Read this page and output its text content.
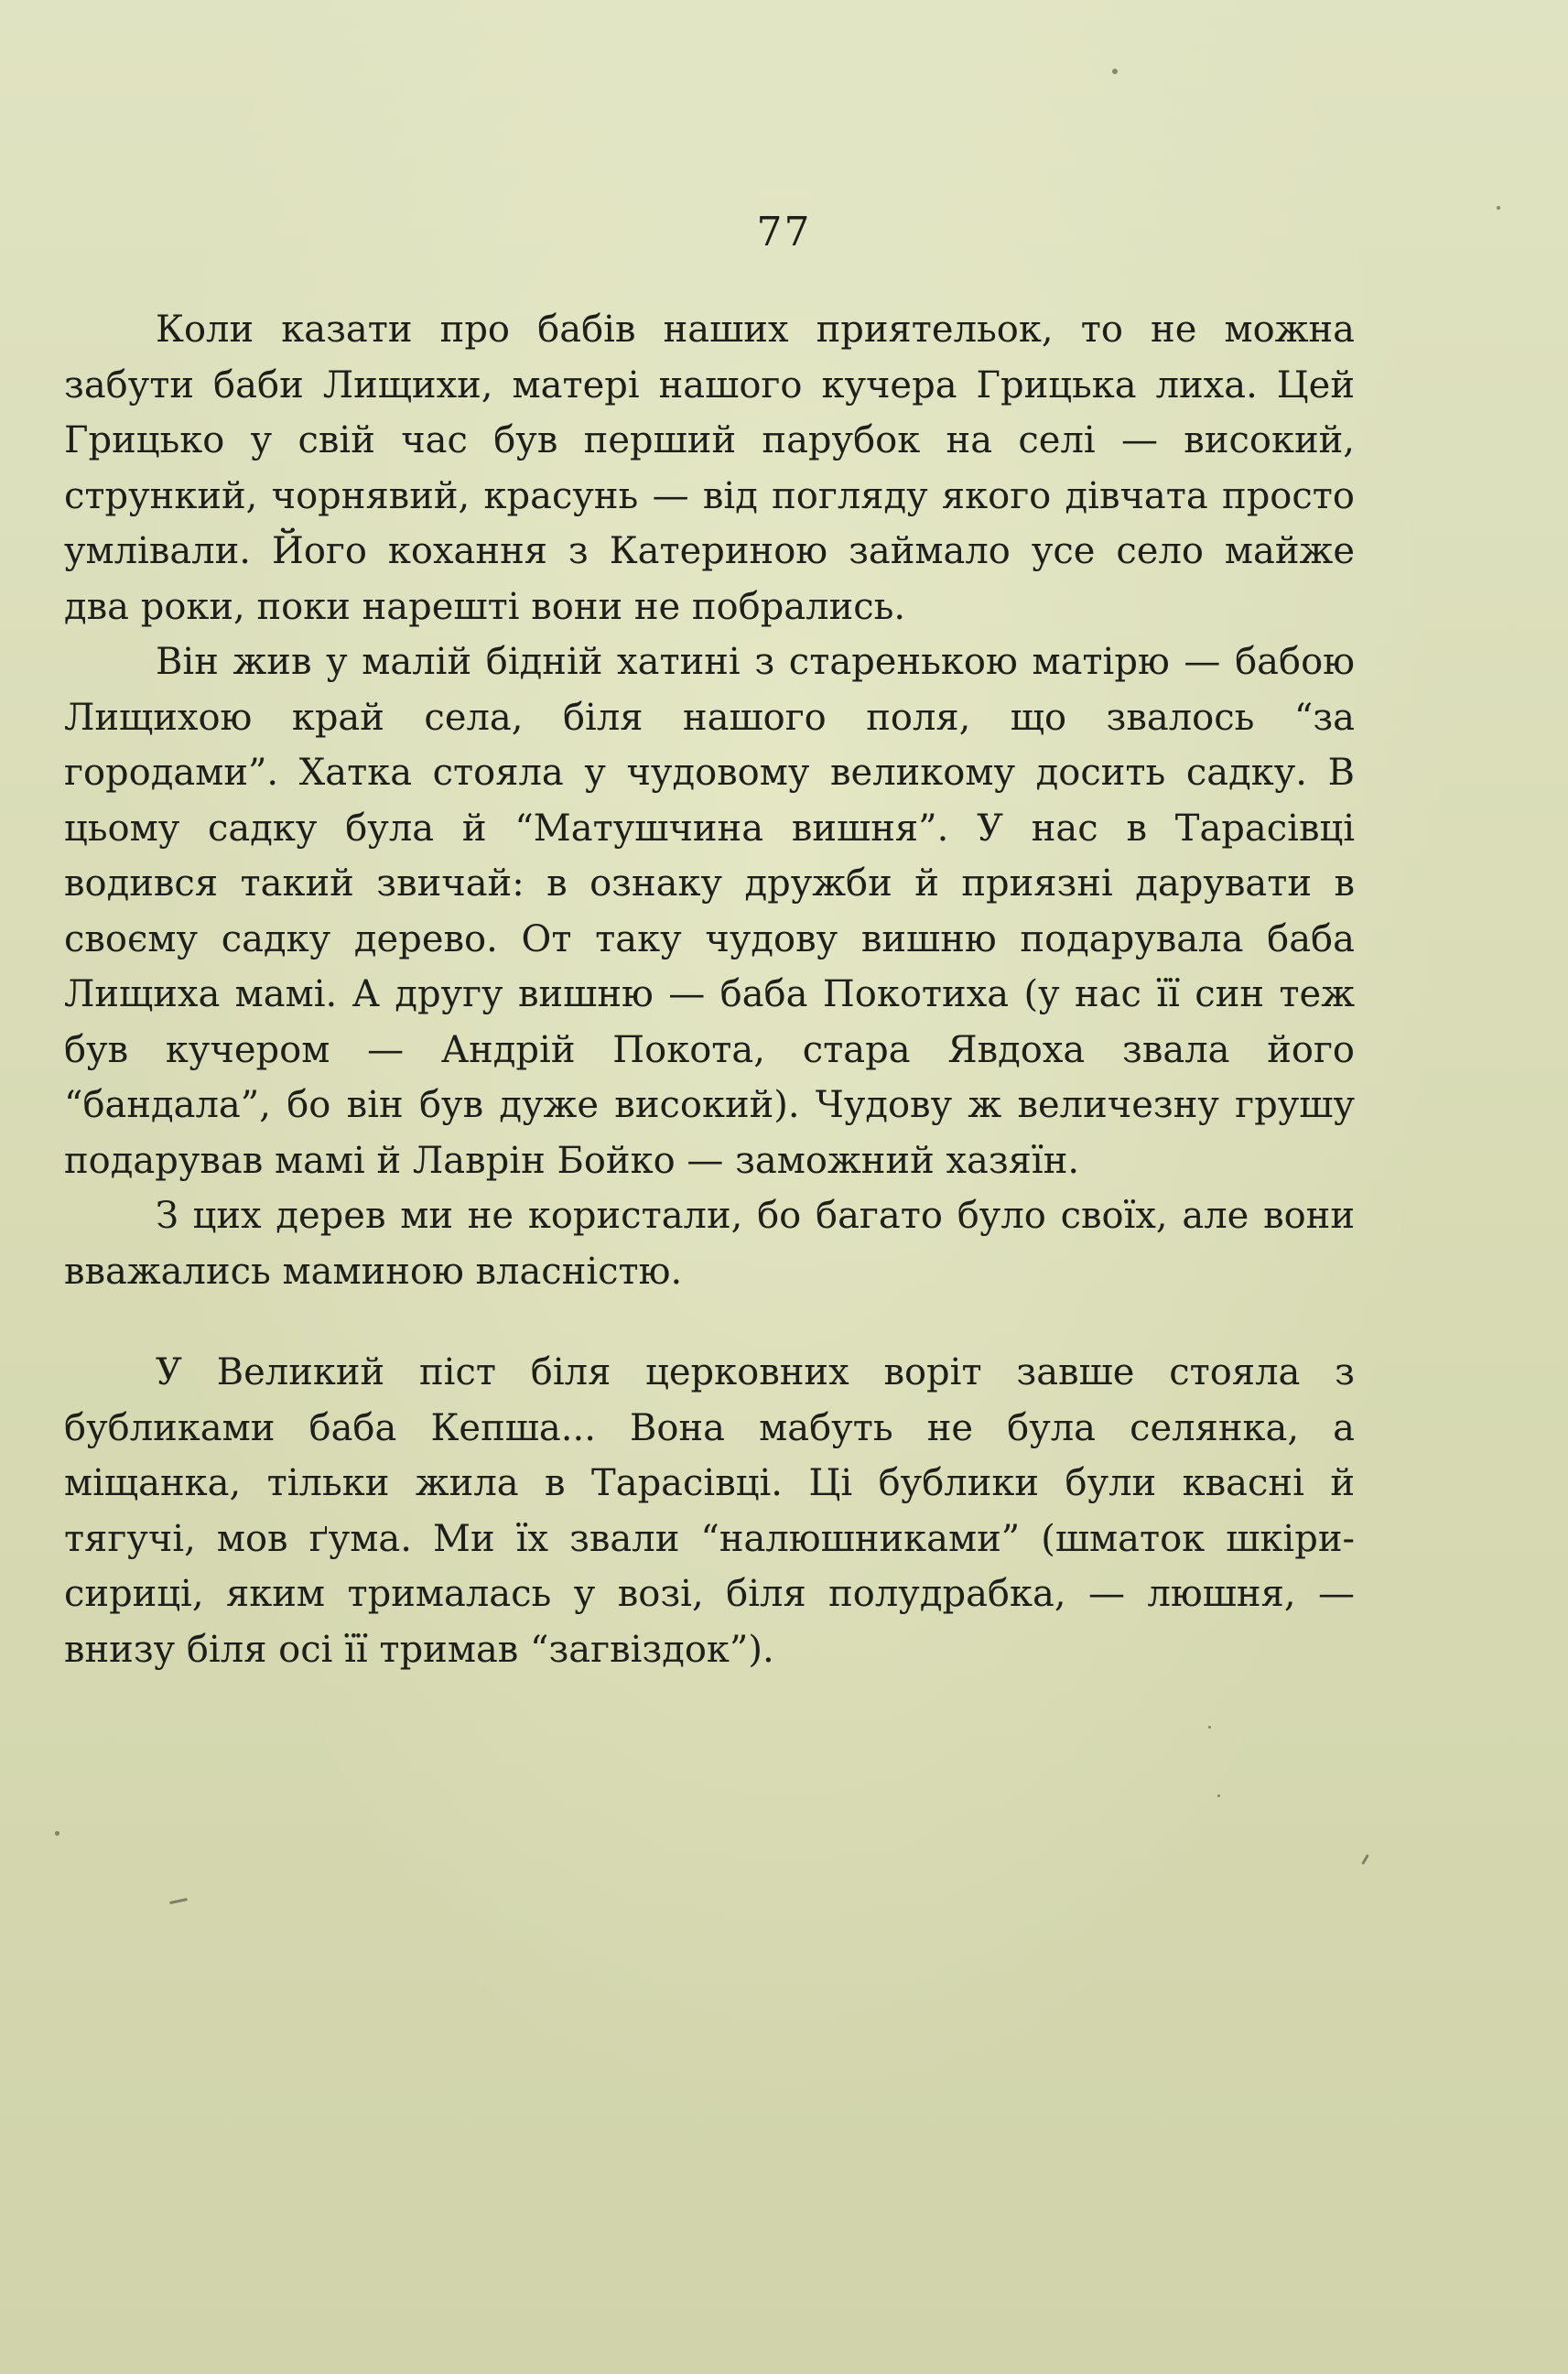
77

Коли казати про бабів наших приятельок, то не можна забути баби Лищихи, матері нашого кучера Грицька лиха. Цей Грицько у свій час був перший парубок на селі — високий, стрункий, чорнявий, красунь — від погляду якого дівчата просто умлівали. Його кохання з Катериною займало усе село майже два роки, поки нарешті вони не побрались.

Він жив у малій бідній хатині з старенькою матірю — бабою Лищихою край села, біля нашого поля, що звалось “за городами”. Хатка стояла у чудовому великому досить садку. В цьому садку була й “Матушчина вишня”. У нас в Тарасівці водився такий звичай: в ознаку дружби й приязні дарувати в своєму садку дерево. От таку чудову вишню подарувала баба Лищиха мамі. А другу вишню — баба Покотиха (у нас її син теж був кучером — Андрій Покота, стара Явдоха звала його “бандала”, бо він був дуже високий). Чудову ж величезну грушу подарував мамі й Лаврін Бойко — заможний хазяїн.

З цих дерев ми не користали, бо багато було своїх, але вони вважались маминою власністю.

У Великий піст біля церковних воріт завше стояла з бубликами баба Кепша... Вона мабуть не була селянка, а міщанка, тільки жила в Тарасівці. Ці бублики були квасні й тягучі, мов ґума. Ми їх звали “налюшниками” (шматок шкіри-сириці, яким трималась у возі, біля полудрабка, — люшня, — внизу біля осі її тримав “загвіздок”).
